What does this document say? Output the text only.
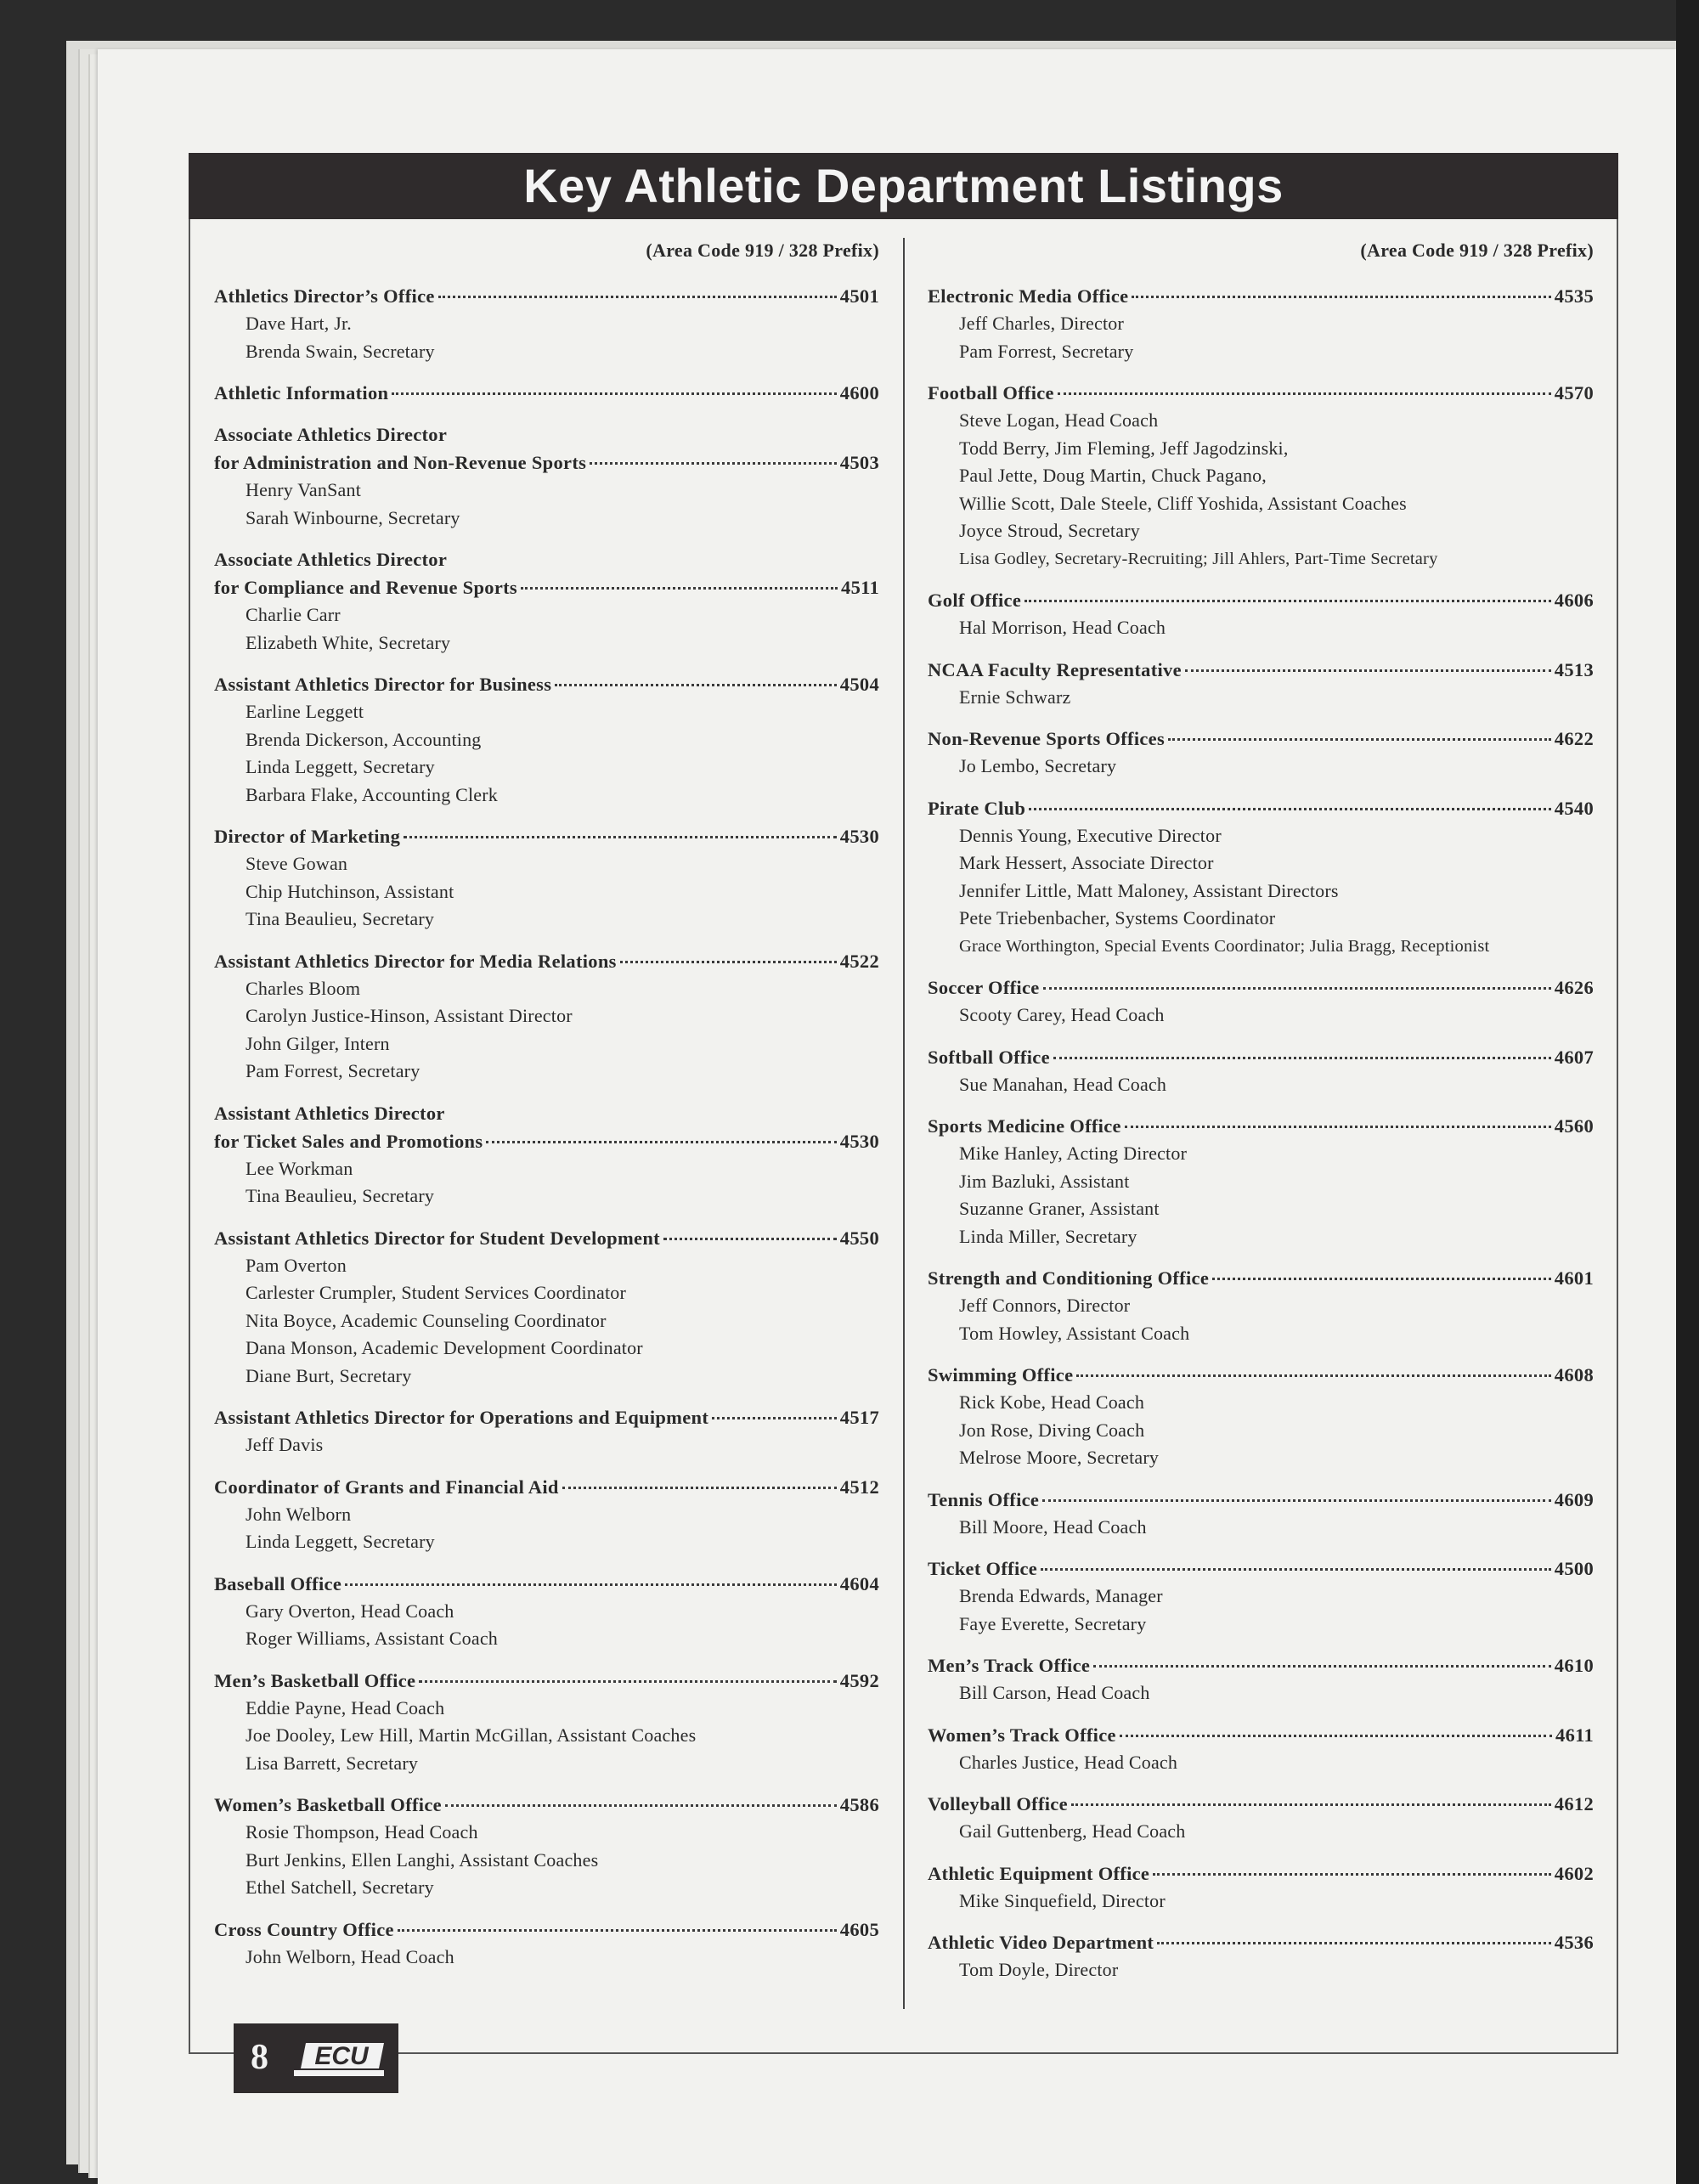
Key Athletic Department Listings
(Area Code 919 / 328 Prefix)
Athletics Director’s Office	4501
Dave Hart, Jr.
Brenda Swain, Secretary
Athletic Information	4600
Associate Athletics Director
for Administration and Non-Revenue Sports	4503
Henry VanSant
Sarah Winbourne, Secretary
Associate Athletics Director
for Compliance and Revenue Sports	4511
Charlie Carr
Elizabeth White, Secretary
Assistant Athletics Director for Business	4504
Earline Leggett
Brenda Dickerson, Accounting
Linda Leggett, Secretary
Barbara Flake, Accounting Clerk
Director of Marketing	4530
Steve Gowan
Chip Hutchinson, Assistant
Tina Beaulieu, Secretary
Assistant Athletics Director for Media Relations	4522
Charles Bloom
Carolyn Justice-Hinson, Assistant Director
John Gilger, Intern
Pam Forrest, Secretary
Assistant Athletics Director
for Ticket Sales and Promotions	4530
Lee Workman
Tina Beaulieu, Secretary
Assistant Athletics Director for Student Development	4550
Pam Overton
Carlester Crumpler, Student Services Coordinator
Nita Boyce, Academic Counseling Coordinator
Dana Monson, Academic Development Coordinator
Diane Burt, Secretary
Assistant Athletics Director for Operations and Equipment	4517
Jeff Davis
Coordinator of Grants and Financial Aid	4512
John Welborn
Linda Leggett, Secretary
Baseball Office	4604
Gary Overton, Head Coach
Roger Williams, Assistant Coach
Men’s Basketball Office	4592
Eddie Payne, Head Coach
Joe Dooley, Lew Hill, Martin McGillan, Assistant Coaches
Lisa Barrett, Secretary
Women’s Basketball Office	4586
Rosie Thompson, Head Coach
Burt Jenkins, Ellen Langhi, Assistant Coaches
Ethel Satchell, Secretary
Cross Country Office	4605
John Welborn, Head Coach
(Area Code 919 / 328 Prefix)
Electronic Media Office	4535
Jeff Charles, Director
Pam Forrest, Secretary
Football Office	4570
Steve Logan, Head Coach
Todd Berry, Jim Fleming, Jeff Jagodzinski,
Paul Jette, Doug Martin, Chuck Pagano,
Willie Scott, Dale Steele, Cliff Yoshida, Assistant Coaches
Joyce Stroud, Secretary
Lisa Godley, Secretary-Recruiting; Jill Ahlers, Part-Time Secretary
Golf Office	4606
Hal Morrison, Head Coach
NCAA Faculty Representative	4513
Ernie Schwarz
Non-Revenue Sports Offices	4622
Jo Lembo, Secretary
Pirate Club	4540
Dennis Young, Executive Director
Mark Hessert, Associate Director
Jennifer Little, Matt Maloney, Assistant Directors
Pete Triebenbacher, Systems Coordinator
Grace Worthington, Special Events Coordinator; Julia Bragg, Receptionist
Soccer Office	4626
Scooty Carey, Head Coach
Softball Office	4607
Sue Manahan, Head Coach
Sports Medicine Office	4560
Mike Hanley, Acting Director
Jim Bazluki, Assistant
Suzanne Graner, Assistant
Linda Miller, Secretary
Strength and Conditioning Office	4601
Jeff Connors, Director
Tom Howley, Assistant Coach
Swimming Office	4608
Rick Kobe, Head Coach
Jon Rose, Diving Coach
Melrose Moore, Secretary
Tennis Office	4609
Bill Moore, Head Coach
Ticket Office	4500
Brenda Edwards, Manager
Faye Everette, Secretary
Men’s Track Office	4610
Bill Carson, Head Coach
Women’s Track Office	4611
Charles Justice, Head Coach
Volleyball Office	4612
Gail Guttenberg, Head Coach
Athletic Equipment Office	4602
Mike Sinquefield, Director
Athletic Video Department	4536
Tom Doyle, Director
8	ECU
